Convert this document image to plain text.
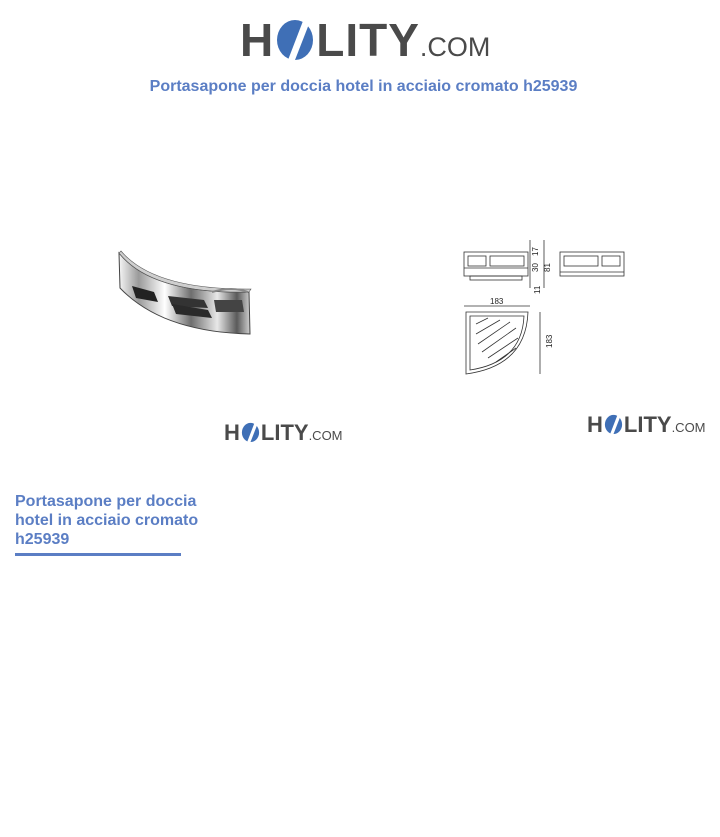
H LITY .COM
Portasapone per doccia hotel in acciaio cromato h25939
17
30 81
11
183
183
H LITY .COM	H LITY .COM
Portasapone per doccia hotel in acciaio cromato h25939
